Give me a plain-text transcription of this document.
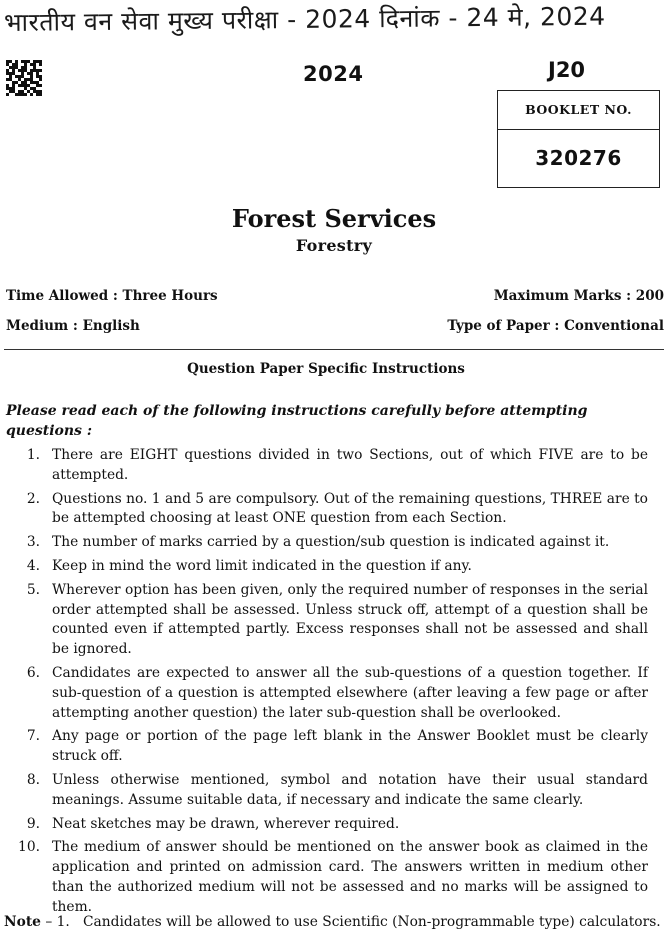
भारतीय वन सेवा मुख्य परीक्षा - 2024 दिनांक - 24 मे, 2024
2024	J20
BOOKLET NO.
320276
Forest Services
Forestry
Time Allowed : Three Hours	Maximum Marks : 200
Medium : English	Type of Paper : Conventional
Question Paper Specific Instructions
Please read each of the following instructions carefully before attempting questions :
1. There are EIGHT questions divided in two Sections, out of which FIVE are to be attempted.
2. Questions no. 1 and 5 are compulsory. Out of the remaining questions, THREE are to be attempted choosing at least ONE question from each Section.
3. The number of marks carried by a question/sub question is indicated against it.
4. Keep in mind the word limit indicated in the question if any.
5. Wherever option has been given, only the required number of responses in the serial order attempted shall be assessed. Unless struck off, attempt of a question shall be counted even if attempted partly. Excess responses shall not be assessed and shall be ignored.
6. Candidates are expected to answer all the sub-questions of a question together. If sub-question of a question is attempted elsewhere (after leaving a few page or after attempting another question) the later sub-question shall be overlooked.
7. Any page or portion of the page left blank in the Answer Booklet must be clearly struck off.
8. Unless otherwise mentioned, symbol and notation have their usual standard meanings. Assume suitable data, if necessary and indicate the same clearly.
9. Neat sketches may be drawn, wherever required.
10. The medium of answer should be mentioned on the answer book as claimed in the application and printed on admission card. The answers written in medium other than the authorized medium will not be assessed and no marks will be assigned to them.
Note – 1. Candidates will be allowed to use Scientific (Non-programmable type) calculators.
